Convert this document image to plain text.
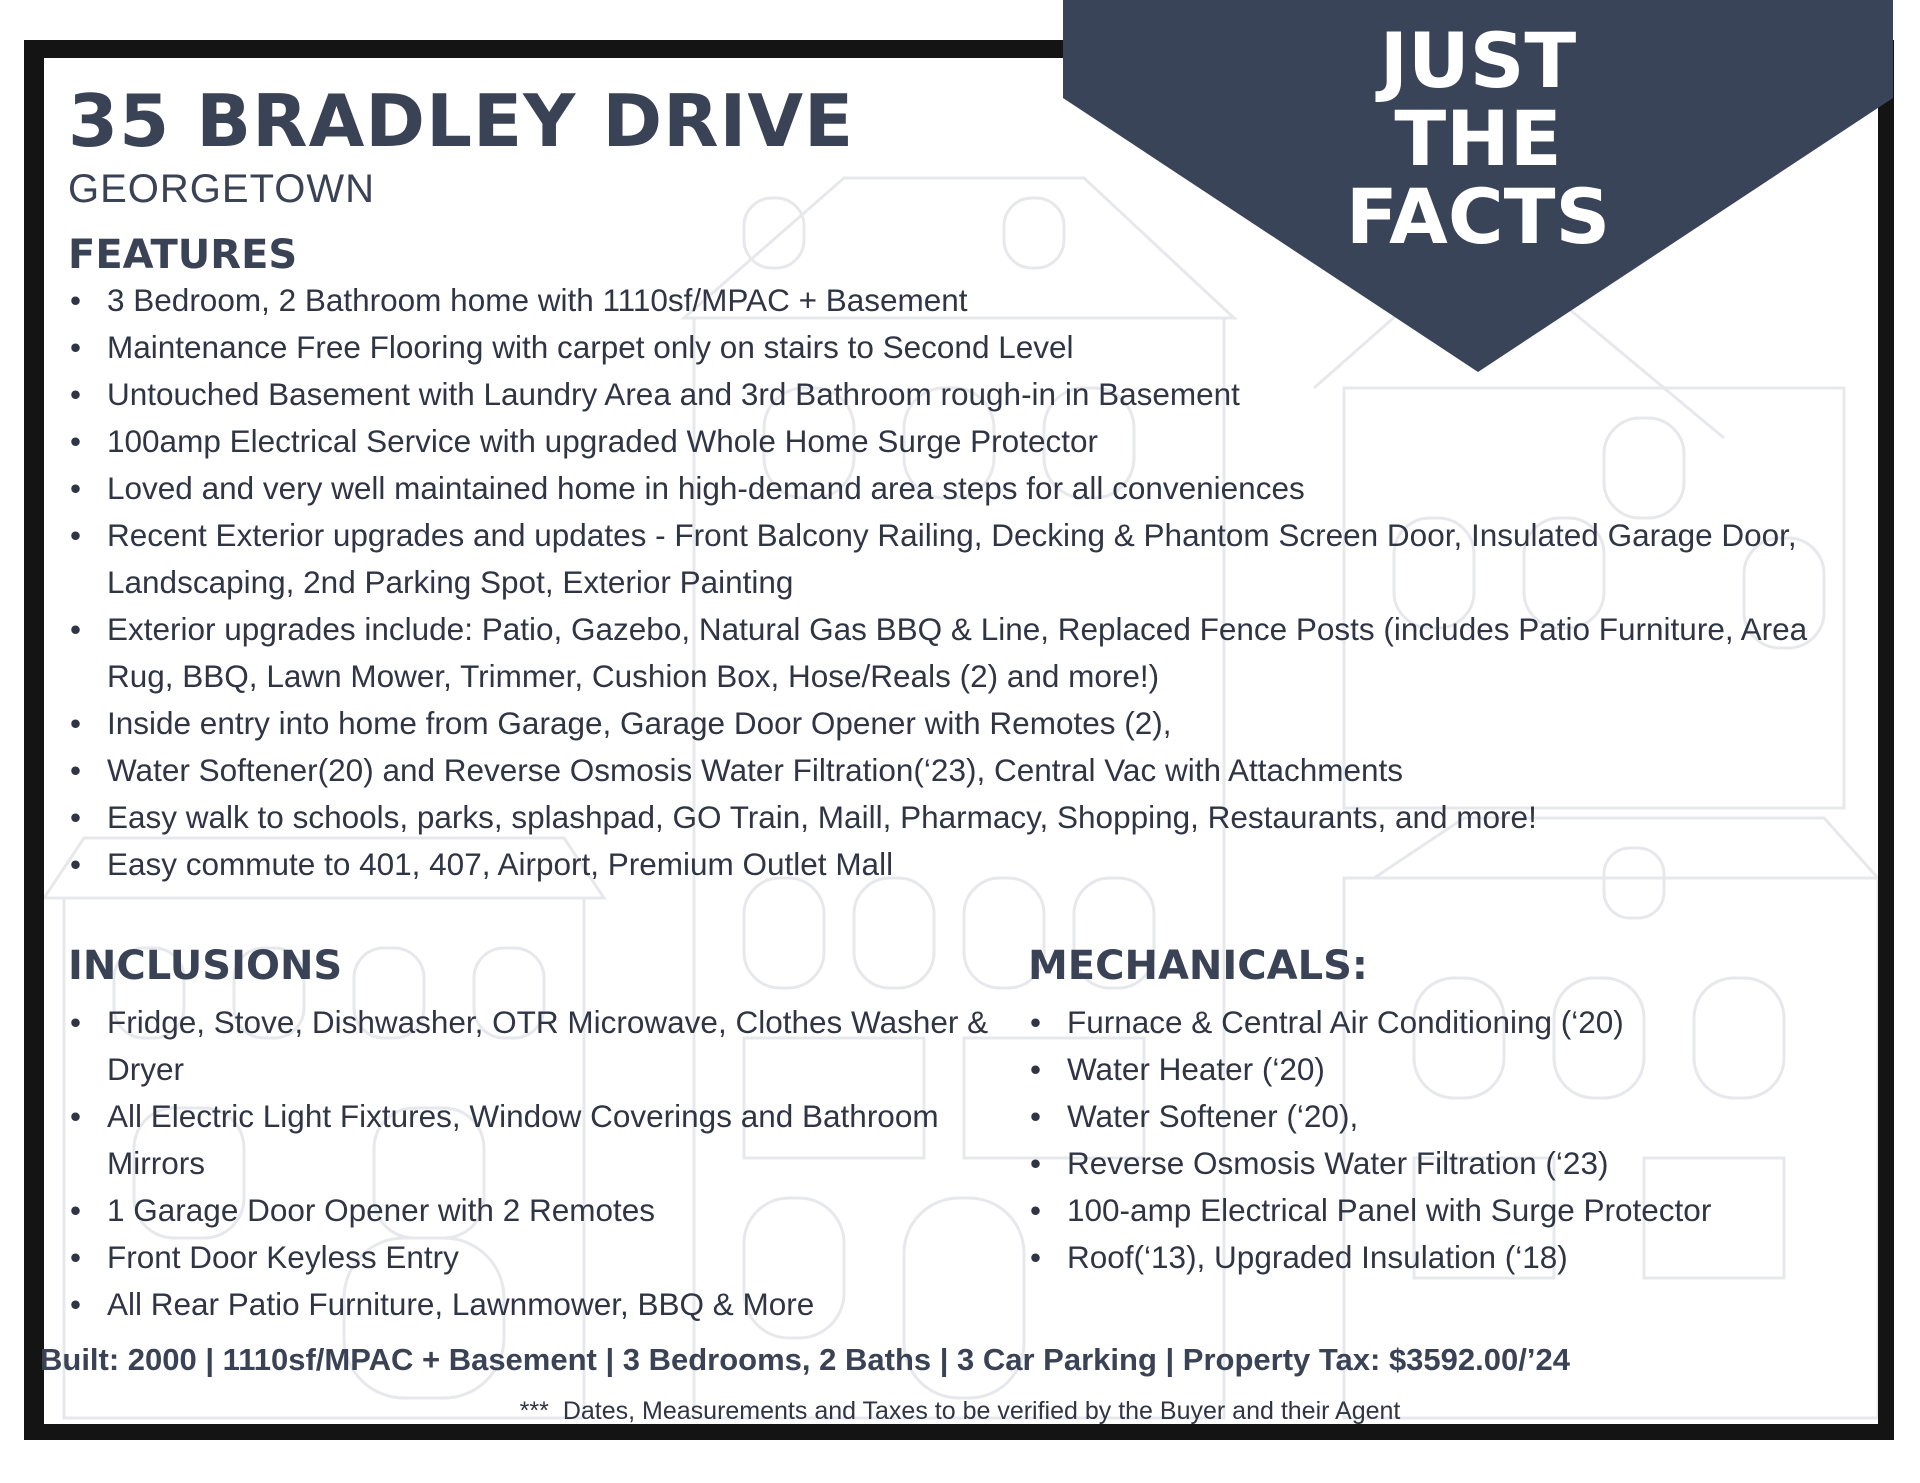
JUST
THE
FACTS
35 BRADLEY DRIVE
GEORGETOWN
FEATURES
• 3 Bedroom, 2 Bathroom home with 1110sf/MPAC + Basement
• Maintenance Free Flooring with carpet only on stairs to Second Level
• Untouched Basement with Laundry Area and 3rd Bathroom rough-in in Basement
• 100amp Electrical Service with upgraded Whole Home Surge Protector
• Loved and very well maintained home in high-demand area steps for all conveniences
• Recent Exterior upgrades and updates - Front Balcony Railing, Decking & Phantom Screen Door, Insulated Garage Door, Landscaping, 2nd Parking Spot, Exterior Painting
• Exterior upgrades include: Patio, Gazebo, Natural Gas BBQ & Line, Replaced Fence Posts (includes Patio Furniture, Area Rug, BBQ, Lawn Mower, Trimmer, Cushion Box, Hose/Reals (2) and more!)
• Inside entry into home from Garage, Garage Door Opener with Remotes (2),
• Water Softener(20) and Reverse Osmosis Water Filtration(‘23), Central Vac with Attachments
• Easy walk to schools, parks, splashpad, GO Train, Maill, Pharmacy, Shopping, Restaurants, and more!
• Easy commute to 401, 407, Airport, Premium Outlet Mall
INCLUSIONS
• Fridge, Stove, Dishwasher, OTR Microwave, Clothes Washer & Dryer
• All Electric Light Fixtures, Window Coverings and Bathroom Mirrors
• 1 Garage Door Opener with 2 Remotes
• Front Door Keyless Entry
• All Rear Patio Furniture, Lawnmower, BBQ & More
MECHANICALS:
• Furnace & Central Air Conditioning (‘20)
• Water Heater (‘20)
• Water Softener (‘20),
• Reverse Osmosis Water Filtration (‘23)
• 100-amp Electrical Panel with Surge Protector
• Roof(‘13), Upgraded Insulation (‘18)
Built: 2000 | 1110sf/MPAC + Basement | 3 Bedrooms, 2 Baths | 3 Car Parking | Property Tax: $3592.00/’24
*** Dates, Measurements and Taxes to be verified by the Buyer and their Agent
